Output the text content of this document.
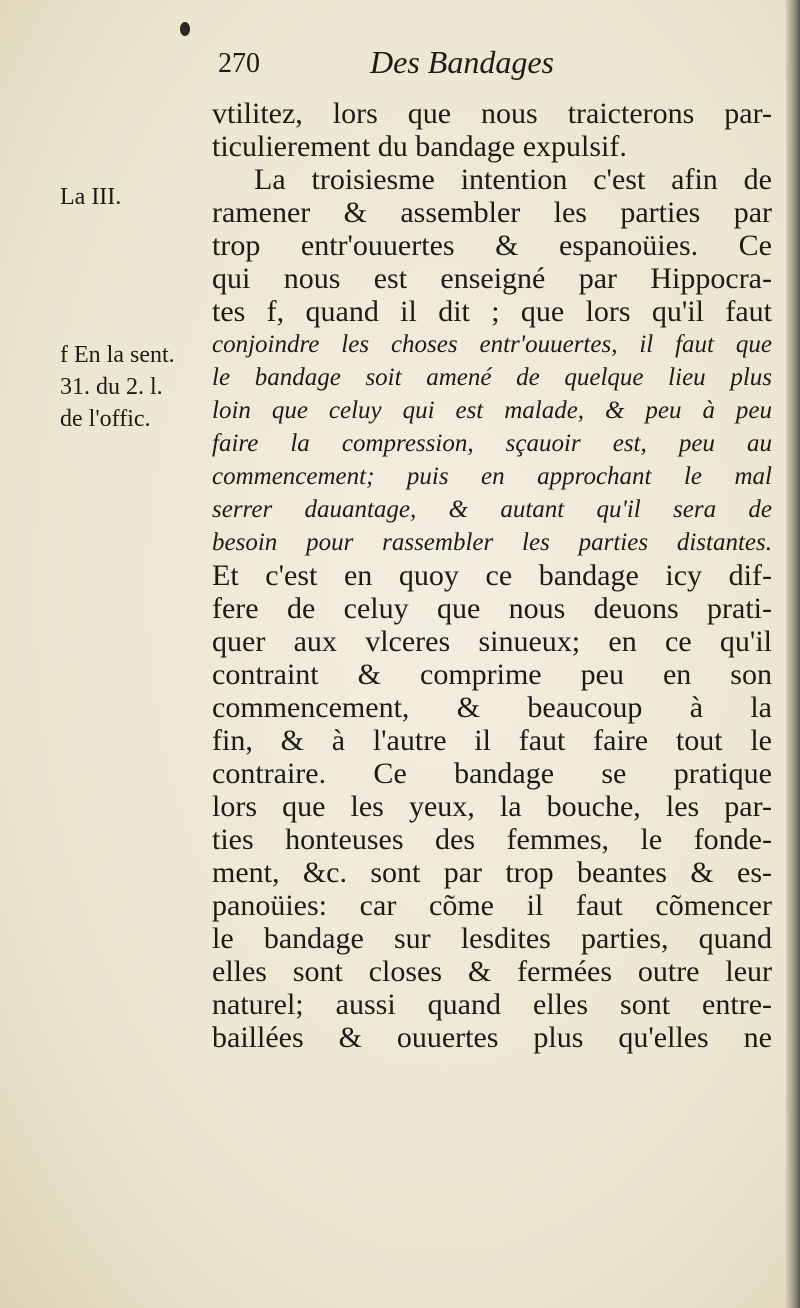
270	Des Bandages
La III.
f En la sent.
31. du 2. l.
de l'offic.
vtilitez, lors que nous traicterons par-
ticulierement du bandage expulsif.
La troisiesme intention c'est afin de
ramener & assembler les parties par
trop entr'ouuertes & espanoüies. Ce
qui nous est enseigné par Hippocra-
tes f, quand il dit ; que lors qu'il faut
conjoindre les choses entr'ouuertes, il faut que
le bandage soit amené de quelque lieu plus
loin que celuy qui est malade, & peu à peu
faire la compression, sçauoir est, peu au
commencement; puis en approchant le mal
serrer dauantage, & autant qu'il sera de
besoin pour rassembler les parties distantes.
Et c'est en quoy ce bandage icy dif-
fere de celuy que nous deuons prati-
quer aux vlceres sinueux; en ce qu'il
contraint & comprime peu en son
commencement, & beaucoup à la
fin, & à l'autre il faut faire tout le
contraire. Ce bandage se pratique
lors que les yeux, la bouche, les par-
ties honteuses des femmes, le fonde-
ment, &c. sont par trop beantes & es-
panoüies: car cõme il faut cõmencer
le bandage sur lesdites parties, quand
elles sont closes & fermées outre leur
naturel; aussi quand elles sont entre-
baillées & ouuertes plus qu'elles ne
